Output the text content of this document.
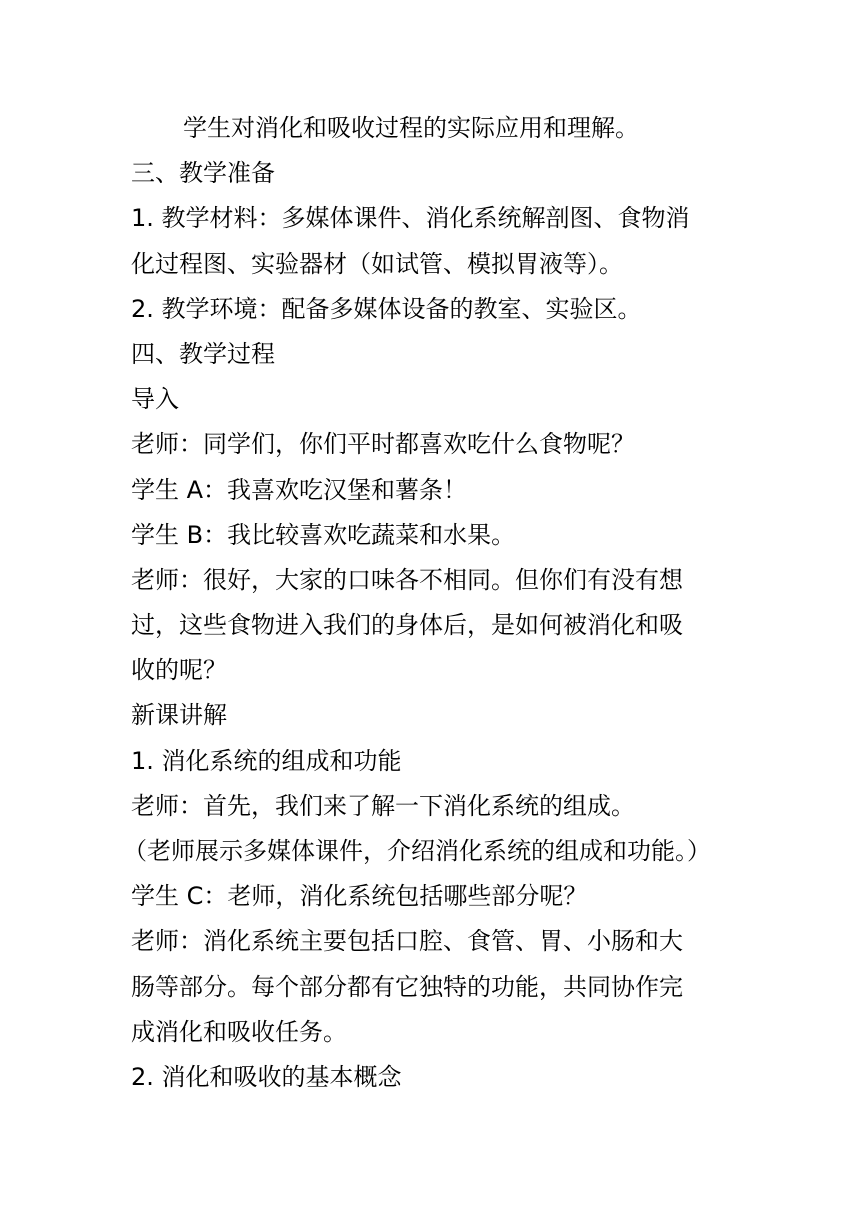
学生对消化和吸收过程的实际应用和理解。

三、教学准备

1. 教学材料：多媒体课件、消化系统解剖图、食物消

化过程图、实验器材（如试管、模拟胃液等）。

2. 教学环境：配备多媒体设备的教室、实验区。

四、教学过程

导入

老师：同学们，你们平时都喜欢吃什么食物呢？

学生 A：我喜欢吃汉堡和薯条！

学生 B：我比较喜欢吃蔬菜和水果。

老师：很好，大家的口味各不相同。但你们有没有想

过，这些食物进入我们的身体后，是如何被消化和吸

收的呢？

新课讲解

1. 消化系统的组成和功能

老师：首先，我们来了解一下消化系统的组成。

（老师展示多媒体课件，介绍消化系统的组成和功能。）

学生 C：老师，消化系统包括哪些部分呢？

老师：消化系统主要包括口腔、食管、胃、小肠和大

肠等部分。每个部分都有它独特的功能，共同协作完

成消化和吸收任务。

2. 消化和吸收的基本概念
